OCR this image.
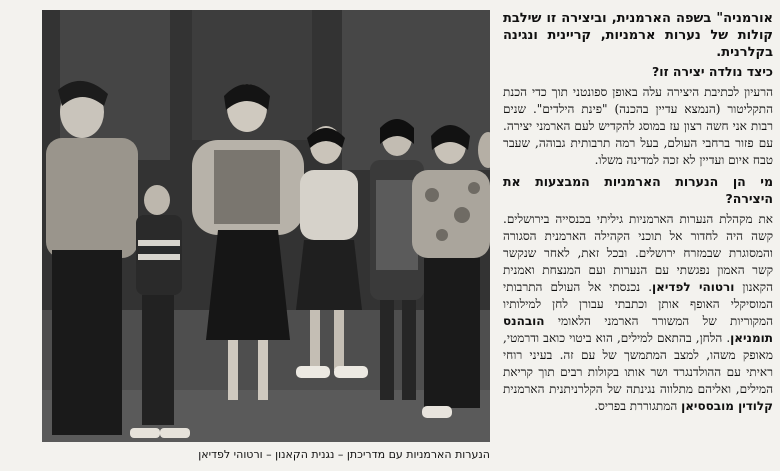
הנערות הארמניות עם מדריכתן – נגנית הקאנון – ורטוהי לפדיאן

אורמניה" בשפה הארמנית, וביצירה זו שילבת קולות של נערות ארמניות, קריינית ונגינה בקלרנית.

כיצד נולדה יצירה זו?

הרעיון לכתיבת היצירה עלה באופן ספונטני תוך כדי הכנת התקליטור (הנמצא עדיין בהכנה) "פינת הילדים". שנים רבות אני חשה רצון עז במוסג להקדיש לעם הארמני יצירה. עם פזור ברחבי העולם, בעל רמה תרבותית גבוהה, שעבר טבח איום ועדיין לא זכה למדינה משלו.

מי הן הנערות הארמניות המבצעות את היצירה?

את מקהלת הנערות הארמניות גיליתי בכנסייה בירושלים. קשה היה לחדור אל תוכני הקהילה הארמנית הסגורה והמסוגרת שבמזרח ירושלים. ובכל זאת, לאחר שנקשר קשר האמון נפגשתי עם הנערות ועם המנצחת ואמנית הקאנון ורטוהי לפדיאן. נכנסתי אל העולם התרבותי המוסיקלי האופף אותן וכתבתי עבורן לחן למילותיו המקוריות של המשורר הארמני הלאומי הובהנס תומניאן. הלחן, בהתאם למילים, הוא ביטוי כואב ודרמטי, מאופק משהו, למצב המתמשך של עם זה. בעיני רוחי ראיתי עם ההולדנגרד ושר אותו בקולות רבים תוך קריאת המילים, ואליהם מתלווה נגינתה של הקלרניתנית הארמנית קלודין מובססיאן המתגוררת בפריס.
